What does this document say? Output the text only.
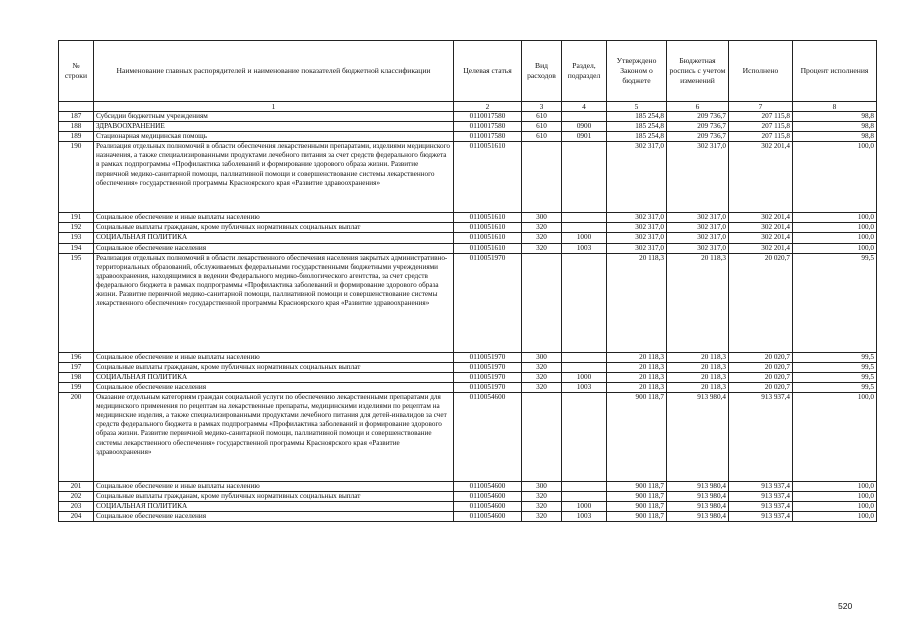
№ строки	Наименование главных распорядителей и наименование показателей бюджетной классификации	Целевая статья	Вид расходов	Раздел, подраздел	Утверждено Законом о бюджете	Бюджетная роспись с учетом изменений	Исполнено	Процент исполнения
	1	2	3	4	5	6	7	8
187	Субсидии бюджетным учреждениям	0110017580	610		185 254,8	209 736,7	207 115,8	98,8
188	ЗДРАВООХРАНЕНИЕ	0110017580	610	0900	185 254,8	209 736,7	207 115,8	98,8
189	Стационарная медицинская помощь	0110017580	610	0901	185 254,8	209 736,7	207 115,8	98,8
190	Реализация отдельных полномочий в области обеспечения лекарственными препаратами, изделиями медицинского назначения, а также специализированными продуктами лечебного питания за счет средств федерального бюджета в рамках подпрограммы «Профилактика заболеваний и формирование здорового образа жизни. Развитие первичной медико-санитарной помощи, паллиативной помощи и совершенствование системы лекарственного обеспечения» государственной программы Красноярского края «Развитие здравоохранения»	0110051610			302 317,0	302 317,0	302 201,4	100,0
191	Социальное обеспечение и иные выплаты населению	0110051610	300		302 317,0	302 317,0	302 201,4	100,0
192	Социальные выплаты гражданам, кроме публичных нормативных социальных выплат	0110051610	320		302 317,0	302 317,0	302 201,4	100,0
193	СОЦИАЛЬНАЯ ПОЛИТИКА	0110051610	320	1000	302 317,0	302 317,0	302 201,4	100,0
194	Социальное обеспечение населения	0110051610	320	1003	302 317,0	302 317,0	302 201,4	100,0
195	Реализация отдельных полномочий в области лекарственного обеспечения населения закрытых административно-территориальных образований, обслуживаемых федеральными государственными бюджетными учреждениями здравоохранения, находящимися в ведении Федерального медико-биологического агентства, за счет средств федерального бюджета в рамках подпрограммы «Профилактика заболеваний и формирование здорового образа жизни. Развитие первичной медико-санитарной помощи, паллиативной помощи и совершенствование системы лекарственного обеспечения» государственной программы Красноярского края «Развитие здравоохранения»	0110051970			20 118,3	20 118,3	20 020,7	99,5
196	Социальное обеспечение и иные выплаты населению	0110051970	300		20 118,3	20 118,3	20 020,7	99,5
197	Социальные выплаты гражданам, кроме публичных нормативных социальных выплат	0110051970	320		20 118,3	20 118,3	20 020,7	99,5
198	СОЦИАЛЬНАЯ ПОЛИТИКА	0110051970	320	1000	20 118,3	20 118,3	20 020,7	99,5
199	Социальное обеспечение населения	0110051970	320	1003	20 118,3	20 118,3	20 020,7	99,5
200	Оказание отдельным категориям граждан социальной услуги по обеспечению лекарственными препаратами для медицинского применения по рецептам на лекарственные препараты, медицинскими изделиями по рецептам на медицинские изделия, а также специализированными продуктами лечебного питания для детей-инвалидов за счет средств федерального бюджета в рамках подпрограммы «Профилактика заболеваний и формирование здорового образа жизни. Развитие первичной медико-санитарной помощи, паллиативной помощи и совершенствование системы лекарственного обеспечения» государственной программы Красноярского края «Развитие здравоохранения»	0110054600			900 118,7	913 980,4	913 937,4	100,0
201	Социальное обеспечение и иные выплаты населению	0110054600	300		900 118,7	913 980,4	913 937,4	100,0
202	Социальные выплаты гражданам, кроме публичных нормативных социальных выплат	0110054600	320		900 118,7	913 980,4	913 937,4	100,0
203	СОЦИАЛЬНАЯ ПОЛИТИКА	0110054600	320	1000	900 118,7	913 980,4	913 937,4	100,0
204	Социальное обеспечение населения	0110054600	320	1003	900 118,7	913 980,4	913 937,4	100,0
520
